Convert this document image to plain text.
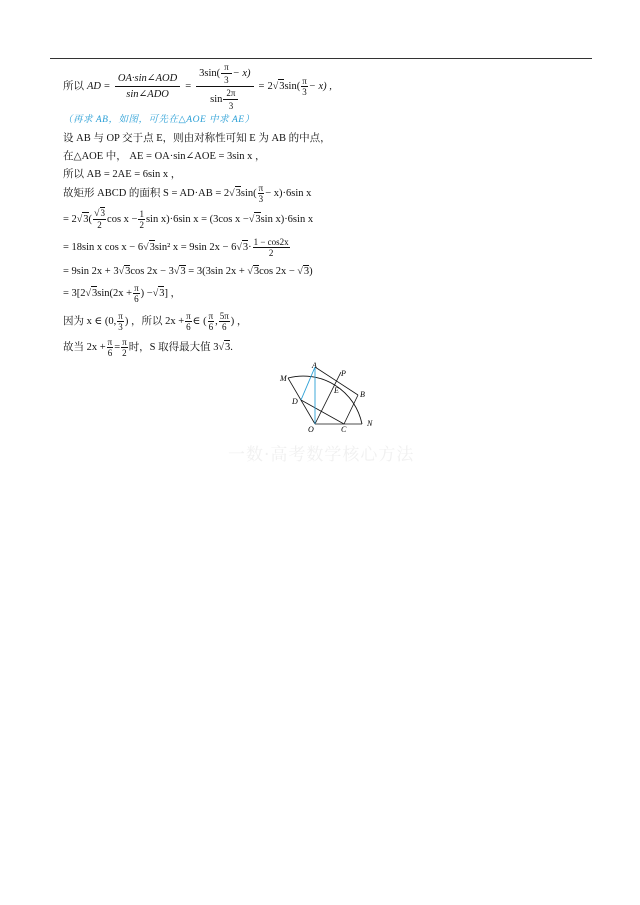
所以 AD = $\frac{\text{OA·sin∠AOD}}{\text{sin∠ADO}} = \frac{3\sin( \frac{\pi}{3} - x)}{\sin \frac{2\pi}{3}} = 2$ √ 3 $\sin( \frac{\pi}{3} - x)$ ,
（再求 AB，如图，可先在△AOE 中求 AE）
设 AB 与 OP 交于点 E，则由对称性可知 E 为 AB 的中点，
在△AOE 中， AE = OA·sin∠AOE = 3sin x ，
所以 AB = 2AE = 6sin x ，
故矩形 ABCD 的面积 S = AD·AB = 2 √ 3 $\sin( \frac{\pi}{3} - x)\cdot 6\sin$ x
= 2 √ 3 ( $\frac{√3}{2}$ $\cos x - \frac{1}{2}$ sin x)·6sin x = (3cos x − √ 3 sin x)·6sin x
= 18sin x cos x − 6 √ 3 sin² x = 9sin 2x − 6 √ $3 \cdot \frac{1 - \cos 2x}{2}$
= 9sin 2x + 3√3cos 2x − 3√3 = 3(3sin 2x + √3cos 2x − √3)
= 3[2 √ 3 $\sin(2x + \frac{\pi}{6}$ ) − √ 3 ] ，
因为 x ∈ (0, $\frac{\pi}{3}$ ) ，所以 $2x + \frac{\pi}{6}$ ∈ ( $\frac{\pi}{6}$ , $\frac{5\pi}{6}$ ) ，
故当 $2x + \frac{\pi}{6} = \frac{\pi}{2}$ 时，S 取得最大值 3 √ 3 .
M
A
P
E	B
D
O	C
N
一数·高考数学核心方法
